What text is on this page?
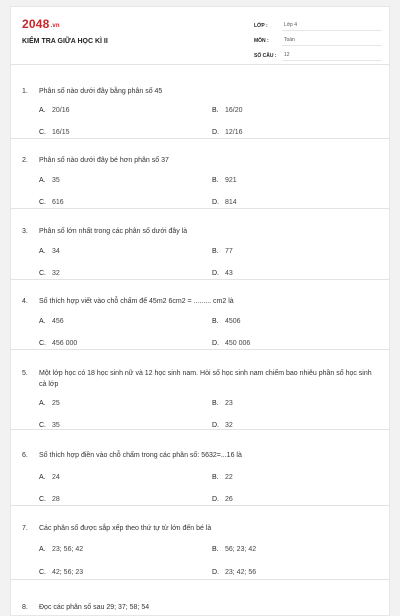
2048.vn
KIỂM TRA GIỮA HỌC KÌ II
LỚP :	Lớp 4
MÔN :	Toán
SỐ CÂU :	12
1. Phân số nào dưới đây bằng phân số 45
A. 20/16	B. 16/20
C. 16/15	D. 12/16
2. Phân số nào dưới đây bé hơn phân số 37
A. 35	B. 921
C. 616	D. 814
3. Phân số lớn nhất trong các phân số dưới đây là
A. 34	B. 77
C. 32	D. 43
4. Số thích hợp viết vào chỗ chấm để 45m2 6cm2 = ......... cm2 là
A. 456	B. 4506
C. 456 000	D. 450 006
5. Một lớp học có 18 học sinh nữ và 12 học sinh nam. Hỏi số học sinh nam chiếm bao nhiêu phần số học sinh cả lớp
A. 25	B. 23
C. 35	D. 32
6. Số thích hợp điền vào chỗ chấm trong các phân số: 5632=...16 là
A. 24	B. 22
C. 28	D. 26
7. Các phân số được sắp xếp theo thứ tự từ lớn đến bé là
A. 23; 56; 42	B. 56; 23; 42
C. 42; 56; 23	D. 23; 42; 56
8. Đọc các phân số sau 29; 37; 58; 54
